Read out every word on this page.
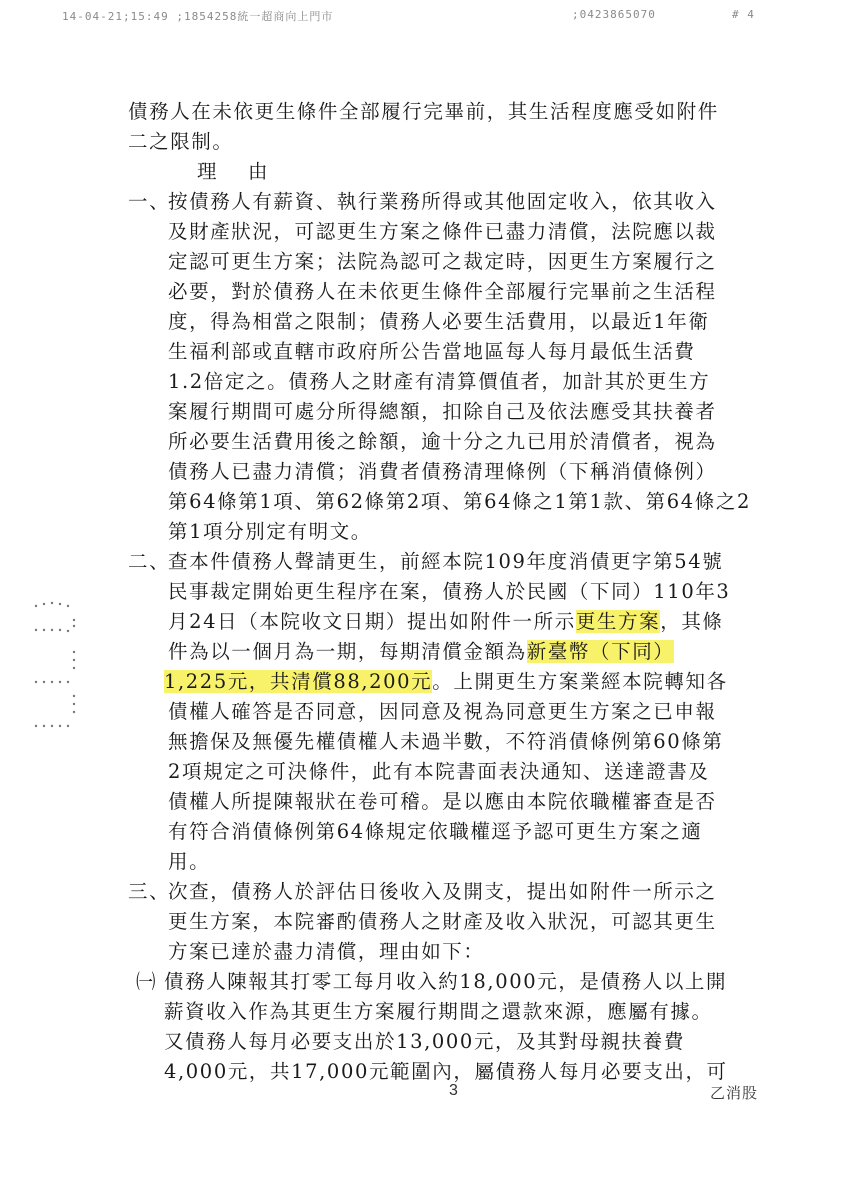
14-04-21;15:49 ;1854258統一超商向上門市	;0423865070	# 4
債務人在未依更生條件全部履行完畢前，其生活程度應受如附件
二之限制。
理　由
一、
按債務人有薪資、執行業務所得或其他固定收入，依其收入
及財產狀況，可認更生方案之條件已盡力清償，法院應以裁
定認可更生方案；法院為認可之裁定時，因更生方案履行之
必要，對於債務人在未依更生條件全部履行完畢前之生活程
度，得為相當之限制；債務人必要生活費用，以最近1年衛
生福利部或直轄市政府所公告當地區每人每月最低生活費
1.2倍定之。債務人之財產有清算價值者，加計其於更生方
案履行期間可處分所得總額，扣除自己及依法應受其扶養者
所必要生活費用後之餘額，逾十分之九已用於清償者，視為
債務人已盡力清償；消費者債務清理條例（下稱消債條例）
第64條第1項、第62條第2項、第64條之1第1款、第64條之2
第1項分別定有明文。
二、
查本件債務人聲請更生，前經本院109年度消債更字第54號
民事裁定開始更生程序在案，債務人於民國（下同）110年3
月24日（本院收文日期）提出如附件一所示更生方案，其條
件為以一個月為一期，每期清償金額為新臺幣（下同）
1,225元，共清償88,200元。上開更生方案業經本院轉知各
債權人確答是否同意，因同意及視為同意更生方案之已申報
無擔保及無優先權債權人未過半數，不符消債條例第60條第
2項規定之可決條件，此有本院書面表決通知、送達證書及
債權人所提陳報狀在卷可稽。是以應由本院依職權審查是否
有符合消債條例第64條規定依職權逕予認可更生方案之適
用。
三、
次查，債務人於評估日後收入及開支，提出如附件一所示之
更生方案，本院審酌債務人之財產及收入狀況，可認其更生
方案已達於盡力清償，理由如下：
㈠ 債務人陳報其打零工每月收入約18,000元，是債務人以上開
薪資收入作為其更生方案履行期間之還款來源，應屬有據。
又債務人每月必要支出於13,000元，及其對母親扶養費
4,000元，共17,000元範圍內，屬債務人每月必要支出，可
3	乙消股
